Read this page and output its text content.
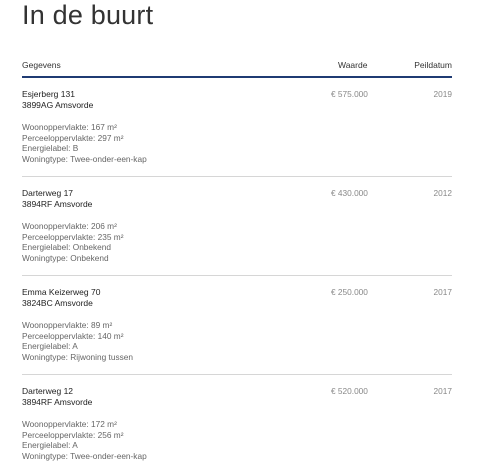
In de buurt
Gegevens	Waarde	Peildatum
Esjerberg 131
3899AG Amsvorde
Woonoppervlakte: 167 m²
Perceeloppervlakte: 297 m²
Energielabel: B
Woningtype: Twee-onder-een-kap
€ 575.000	2019
Darterweg 17
3894RF Amsvorde
Woonoppervlakte: 206 m²
Perceeloppervlakte: 235 m²
Energielabel: Onbekend
Woningtype: Onbekend
€ 430.000	2012
Emma Keizerweg 70
3824BC Amsvorde
Woonoppervlakte: 89 m²
Perceeloppervlakte: 140 m²
Energielabel: A
Woningtype: Rijwoning tussen
€ 250.000	2017
Darterweg 12
3894RF Amsvorde
Woonoppervlakte: 172 m²
Perceeloppervlakte: 256 m²
Energielabel: A
Woningtype: Twee-onder-een-kap
€ 520.000	2017
